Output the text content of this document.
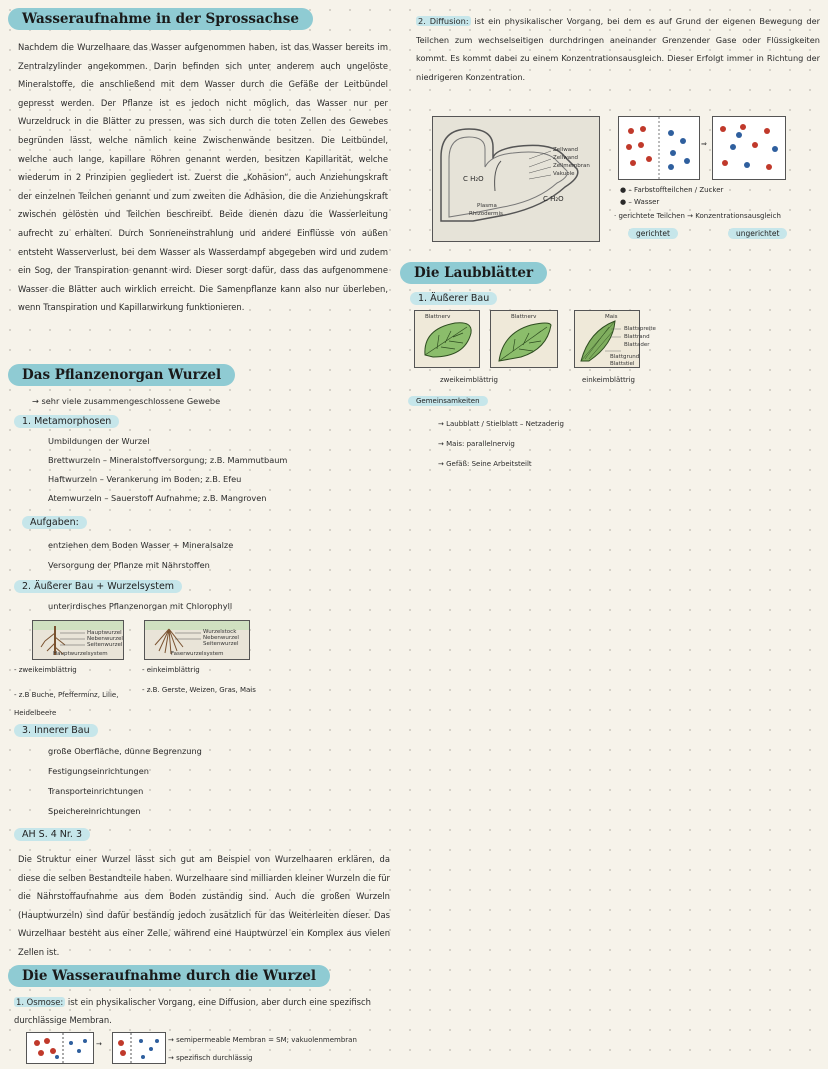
Wasseraufnahme in der Sprossachse
Nachdem die Wurzelhaare das Wasser aufgenommen haben, ist das Wasser bereits im Zentralzylinder angekommen. Darin befinden sich unter anderem auch ungelöste Mineralstoffe, die anschließend mit dem Wasser durch die Gefäße der Leitbündel gepresst werden. Der Pflanze ist es jedoch nicht möglich, das Wasser nur per Wurzeldruck in die Blätter zu pressen, was sich durch die toten Zellen des Gewebes begründen lässt, welche nämlich keine Zwischenwände besitzen. Die Leitbündel, welche auch lange, kapillare Röhren genannt werden, besitzen Kapillarität, welche wiederum in 2 Prinzipien gegliedert ist. Zuerst die „Kohäsion“, auch Anziehungskraft der einzelnen Teilchen genannt und zum zweiten die Adhäsion, die die Anziehungskraft zwischen gelösten und Teilchen beschreibt. Beide dienen dazu die Wasserleitung aufrecht zu erhalten. Durch Sonneneinstrahlung und andere Einflüsse von außen entsteht Wasserverlust, bei dem Wasser als Wasserdampf abgegeben wird und zudem ein Sog, der Transpiration genannt wird. Dieser sorgt dafür, dass das aufgenommene Wasser die Blätter auch wirklich erreicht. Die Samenpflanze kann also nur überleben, wenn Transpiration und Kapillarwirkung funktionieren.
Das Pflanzenorgan Wurzel
→ sehr viele zusammengeschlossene Gewebe
1. Metamorphosen
Umbildungen der Wurzel
Brettwurzeln – Mineralstoffversorgung; z.B. Mammutbaum
Haftwurzeln – Verankerung im Boden; z.B. Efeu
Atemwurzeln – Sauerstoff Aufnahme; z.B. Mangroven
Aufgaben:
entziehen dem Boden Wasser + Mineralsalze
Versorgung der Pflanze mit Nährstoffen
2. Äußerer Bau + Wurzelsystem
unterirdisches Pflanzenorgan mit Chlorophyll
Hauptwurzel
Nebenwurzel
Seitenwurzel
Hauptwurzelsystem
Wurzelstock
Nebenwurzel
Seitenwurzel
Faserwurzelsystem
- zweikeimblättrig
- z.B Buche, Pfefferminz, Lilie, Heidelbeere
- einkeimblättrig
- z.B. Gerste, Weizen, Gras, Mais
3. Innerer Bau
große Oberfläche, dünne Begrenzung
Festigungseinrichtungen
Transporteinrichtungen
Speichereinrichtungen
AH S. 4 Nr. 3
Die Struktur einer Wurzel lässt sich gut am Beispiel von Wurzelhaaren erklären, da diese die selben Bestandteile haben. Wurzelhaare sind milliarden kleiner Wurzeln die für die Nährstoffaufnahme aus dem Boden zuständig sind. Auch die großen Wurzeln (Hauptwurzeln) sind dafür beständig jedoch zusätzlich für das Weiterleiten dieser. Das Wurzelhaar besteht aus einer Zelle, während eine Hauptwurzel ein Komplex aus vielen Zellen ist.
Die Wasseraufnahme durch die Wurzel
1. Osmose: ist ein physikalischer Vorgang, eine Diffusion, aber durch eine spezifisch durchlässige Membran.
→	→ semipermeable Membran = SM; vakuolenmembran
→ spezifisch durchlässig
2. Diffusion: ist ein physikalischer Vorgang, bei dem es auf Grund der eigenen Bewegung der Teilchen zum wechselseitigen durchdringen aneinander Grenzender Gase oder Flüssigkeiten kommt. Es kommt dabei zu einem Konzentrationsausgleich. Dieser Erfolgt immer in Richtung der niedrigeren Konzentration.
Zellwand
Zellwand
Zellmembran
Vakuole
Plasma
Rhizodermis
C H₂O
C H₂O
⇒
● – Farbstoffteilchen / Zucker
● – Wasser
· gerichtete Teilchen → Konzentrationsausgleich
gerichtet	ungerichtet
Die Laubblätter
1. Äußerer Bau
Blattnerv	Blattnerv	Mais
Blattspreite
Blattrand
Blattader
Blattgrund
Blattstiel
zweikeimblättrig	einkeimblättrig
Gemeinsamkeiten
→ Laubblatt / Stielblatt – Netzaderig
→ Mais: parallelnervig
→ Gefäß: Seine Arbeitsteilt
